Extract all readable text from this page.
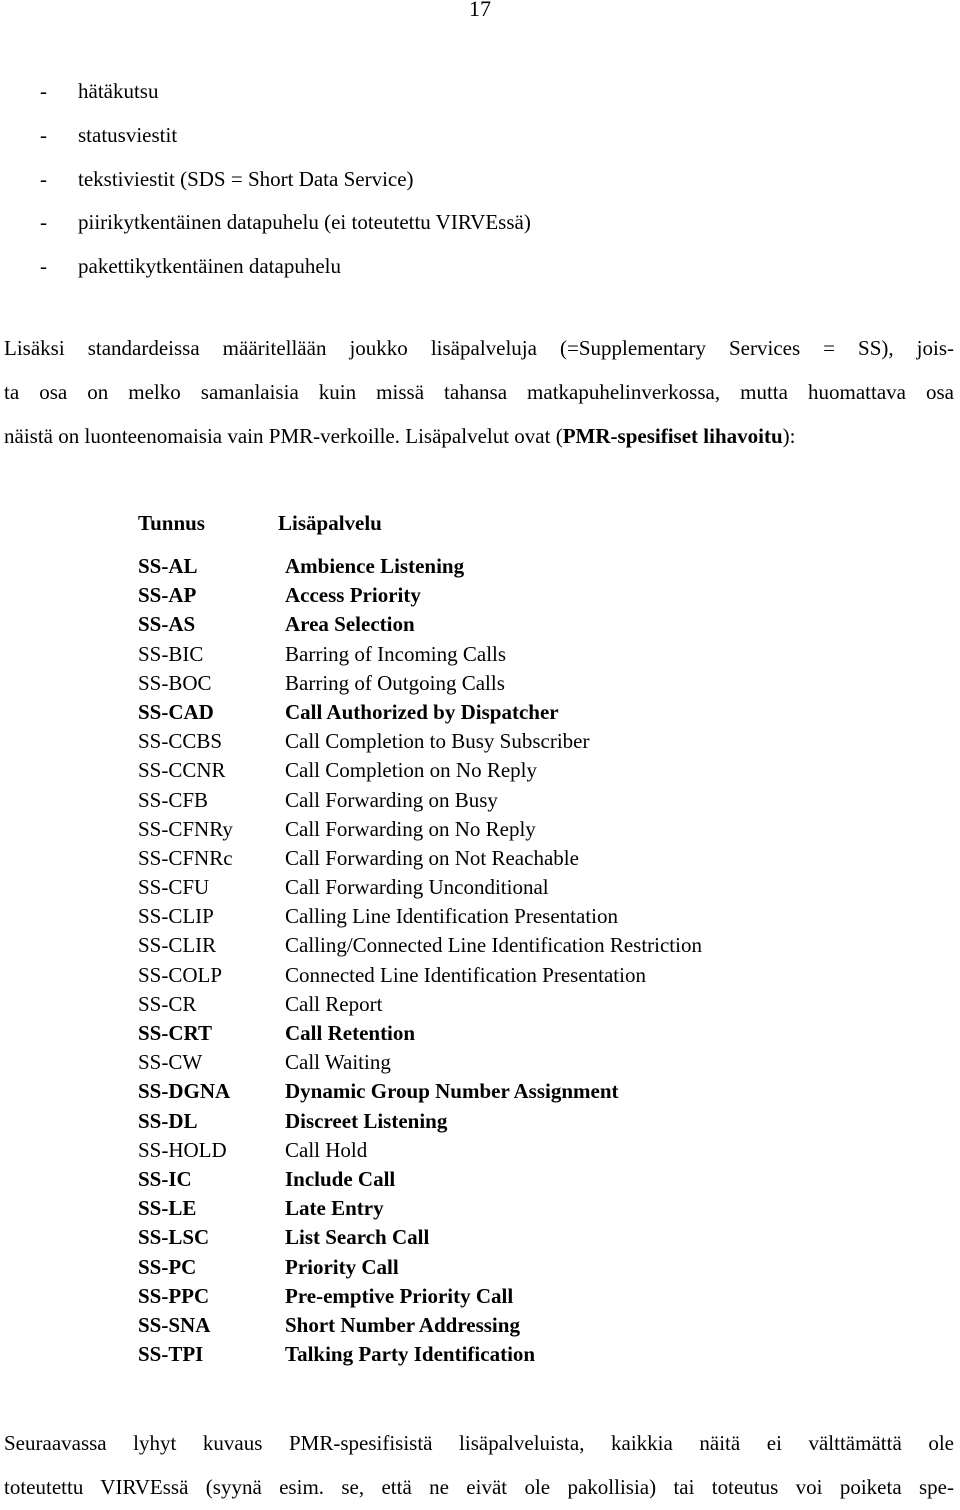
17
- hätäkutsu
- statusviestit
- tekstiviestit (SDS = Short Data Service)
- piirikytkentäinen datapuhelu (ei toteutettu VIRVEssä)
- pakettikytkentäinen datapuhelu

Lisäksi standardeissa määritellään joukko lisäpalveluja (=Supplementary Services = SS), jois-
ta osa on melko samanlaisia kuin missä tahansa matkapuhelinverkossa, mutta huomattava osa
näistä on luonteenomaisia vain PMR-verkoille. Lisäpalvelut ovat (PMR-spesifiset lihavoitu):

Tunnus	Lisäpalvelu
SS-AL	Ambience Listening
SS-AP	Access Priority
SS-AS	Area Selection
SS-BIC	Barring of Incoming Calls
SS-BOC	Barring of Outgoing Calls
SS-CAD	Call Authorized by Dispatcher
SS-CCBS	Call Completion to Busy Subscriber
SS-CCNR	Call Completion on No Reply
SS-CFB	Call Forwarding on Busy
SS-CFNRy Call Forwarding on No Reply
SS-CFNRc Call Forwarding on Not Reachable
SS-CFU	Call Forwarding Unconditional
SS-CLIP	Calling Line Identification Presentation
SS-CLIR	Calling/Connected Line Identification Restriction
SS-COLP	Connected Line Identification Presentation
SS-CR	Call Report
SS-CRT	Call Retention
SS-CW	Call Waiting
SS-DGNA	Dynamic Group Number Assignment
SS-DL	Discreet Listening
SS-HOLD	Call Hold
SS-IC	Include Call
SS-LE	Late Entry
SS-LSC	List Search Call
SS-PC	Priority Call
SS-PPC	Pre-emptive Priority Call
SS-SNA	Short Number Addressing
SS-TPI	Talking Party Identification

Seuraavassa lyhyt kuvaus PMR-spesifisistä lisäpalveluista, kaikkia näitä ei välttämättä ole
toteutettu VIRVEssä (syynä esim. se, että ne eivät ole pakollisia) tai toteutus voi poiketa spe-
